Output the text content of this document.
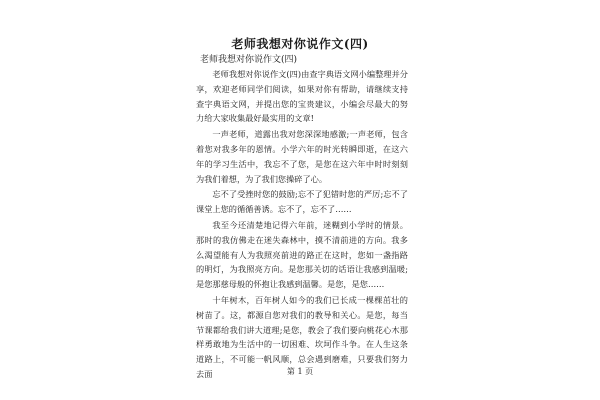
老师我想对你说作文(四)
老师我想对你说作文(四)

老师我想对你说作文(四)由查字典语文网小编整理并分享，欢迎老师同学们阅读，如果对你有帮助，请继续支持查字典语文网，并提出您的宝贵建议，小编会尽最大的努力给大家收集最好最实用的文章!

一声老师，道露出我对您深深地感激;一声老师，包含着您对我多年的恩情。小学六年的时光转瞬即逝，在这六年的学习生活中，我忘不了您，是您在这六年中时时刻刻为我们着想，为了我们您操碎了心。

忘不了受挫时您的鼓励;忘不了犯错时您的严厉;忘不了课堂上您的循循善诱。忘不了，忘不了……

我至今还清楚地记得六年前，迷糊到小学时的情景。那时的我仿佛走在迷失森林中，摸不清前进的方向。我多么渴望能有人为我照亮前进的路正在这时，您如一盏指路的明灯，为我照亮方向。是您那关切的话语让我感到温暖;是您那慈母般的怀抱让我感到温馨。是您，是您……

十年树木，百年树人如今的我们已长成一棵棵茁壮的树苗了。这，都源自您对我们的教导和关心。是您，每当节课都给我们讲大道理;是您，教会了我们要向桃花心木那样勇敢地为生活中的一切困难、坎坷作斗争。在人生这条道路上，不可能一帆风顺，总会遇到磨难，只要我们努力去面	第 1 页
